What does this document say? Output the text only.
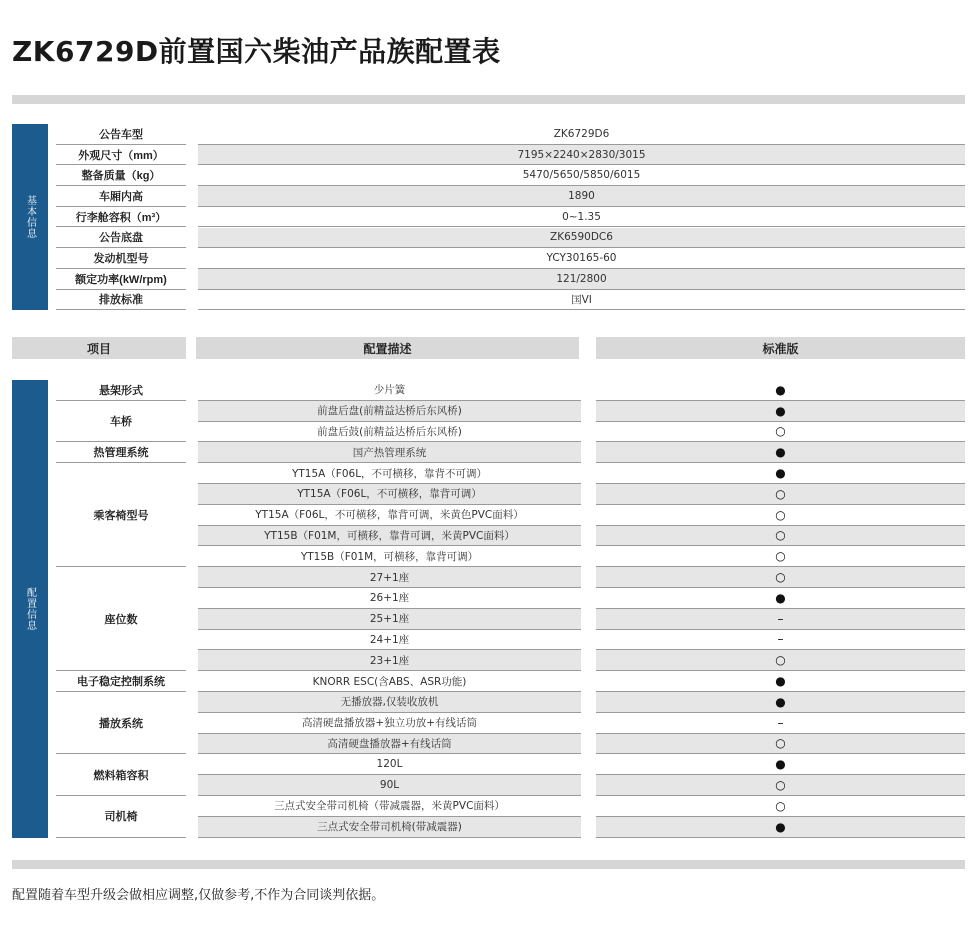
ZK6729D前置国六柴油产品族配置表
基本信息
公告车型	ZK6729D6
外观尺寸（mm）	7195×2240×2830/3015
整备质量（kg）	5470/5650/5850/6015
车厢内高	1890
行李舱容积（m³）	0~1.35
公告底盘	ZK6590DC6
发动机型号	YCY30165-60
额定功率(kW/rpm)	121/2800
排放标准	国VI
项目	配置描述	标准版
配置信息
悬架形式	少片簧	●
车桥
前盘后盘(前精益达桥后东风桥)	●
前盘后鼓(前精益达桥后东风桥)	○
热管理系统	国产热管理系统	●
乘客椅型号
YT15A（F06L，不可横移，靠背不可调）	●
YT15A（F06L，不可横移，靠背可调）	○
YT15A（F06L，不可横移，靠背可调，米黄色PVC面料）	○
YT15B（F01M，可横移，靠背可调，米黄PVC面料）	○
YT15B（F01M，可横移，靠背可调）	○
座位数
27+1座	○
26+1座	●
25+1座	–
24+1座	–
23+1座	○
电子稳定控制系统	KNORR ESC(含ABS、ASR功能)	●
播放系统
无播放器,仅装收放机	●
高清硬盘播放器+独立功放+有线话筒	–
高清硬盘播放器+有线话筒	○
燃料箱容积
120L	●
90L	○
司机椅
三点式安全带司机椅（带减震器，米黄PVC面料）	○
三点式安全带司机椅(带减震器)	●
配置随着车型升级会做相应调整,仅做参考,不作为合同谈判依据。
